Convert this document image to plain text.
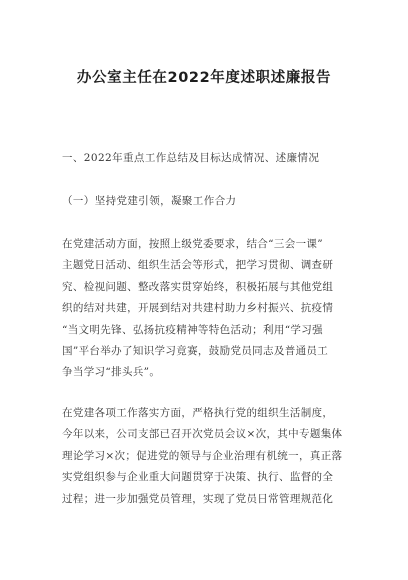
办公室主任在2022年度述职述廉报告

一、2022年重点工作总结及目标达成情况、述廉情况

（一）坚持党建引领，凝聚工作合力

在党建活动方面，按照上级党委要求，结合“三会一课”
主题党日活动、组织生活会等形式，把学习贯彻、调查研
究、检视问题、整改落实贯穿始终，积极拓展与其他党组
织的结对共建，开展到结对共建村助力乡村振兴、抗疫情
“当文明先锋、弘扬抗疫精神等特色活动；利用“学习强
国”平台举办了知识学习竟赛，鼓励党员同志及普通员工
争当学习“排头兵”。
在党建各项工作落实方面，严格执行党的组织生活制度，
今年以来，公司支部已召开次党员会议×次，其中专题集体
理论学习×次；促进党的领导与企业治理有机统一，真正落
实党组织参与企业重大问题贯穿于决策、执行、监督的全
过程；进一步加强党员管理，实现了党员日常管理规范化
